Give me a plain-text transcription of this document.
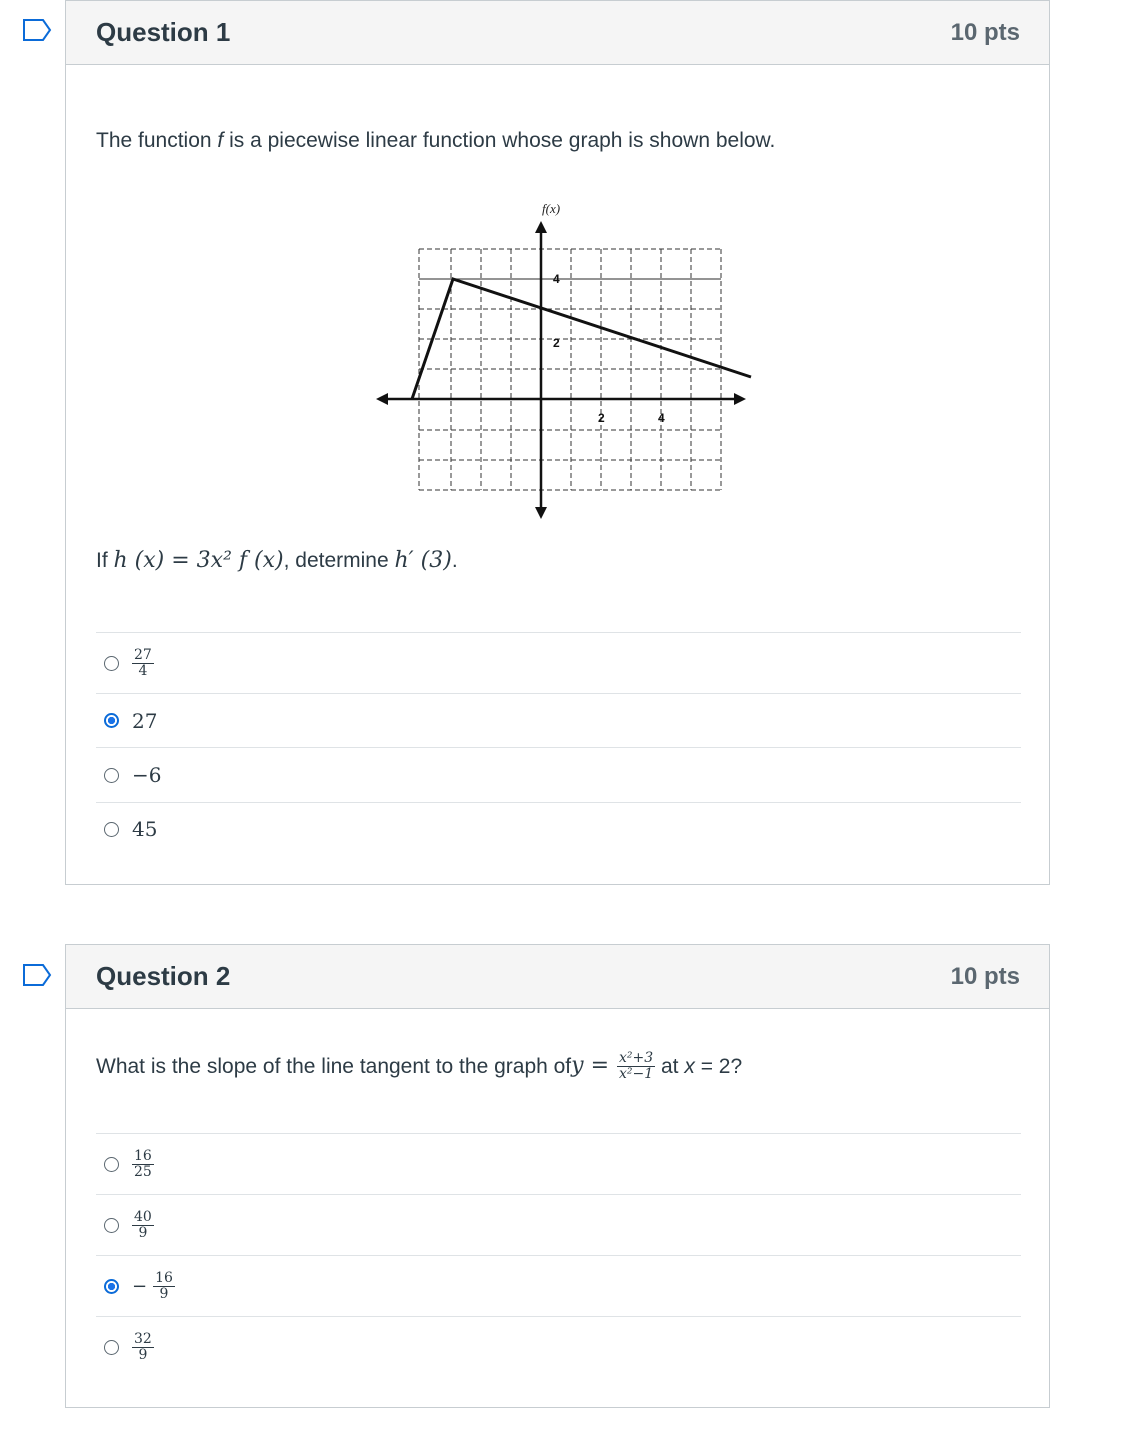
Question 1	10 pts
The function f is a piecewise linear function whose graph is shown below.
f(x)
4
2
2	4
If h (x) = 3x² f (x), determine h′ (3).
$\frac{27}{4}$
27
−6
45
Question 2	10 pts
What is the slope of the line tangent to the graph of $y = \frac{\text{x²+3}}{\text{x²−1}}$ at x = 2?
$\frac{16}{25}$
$\frac{40}{9}$
− $\frac{16}{9}$
$\frac{32}{9}$
